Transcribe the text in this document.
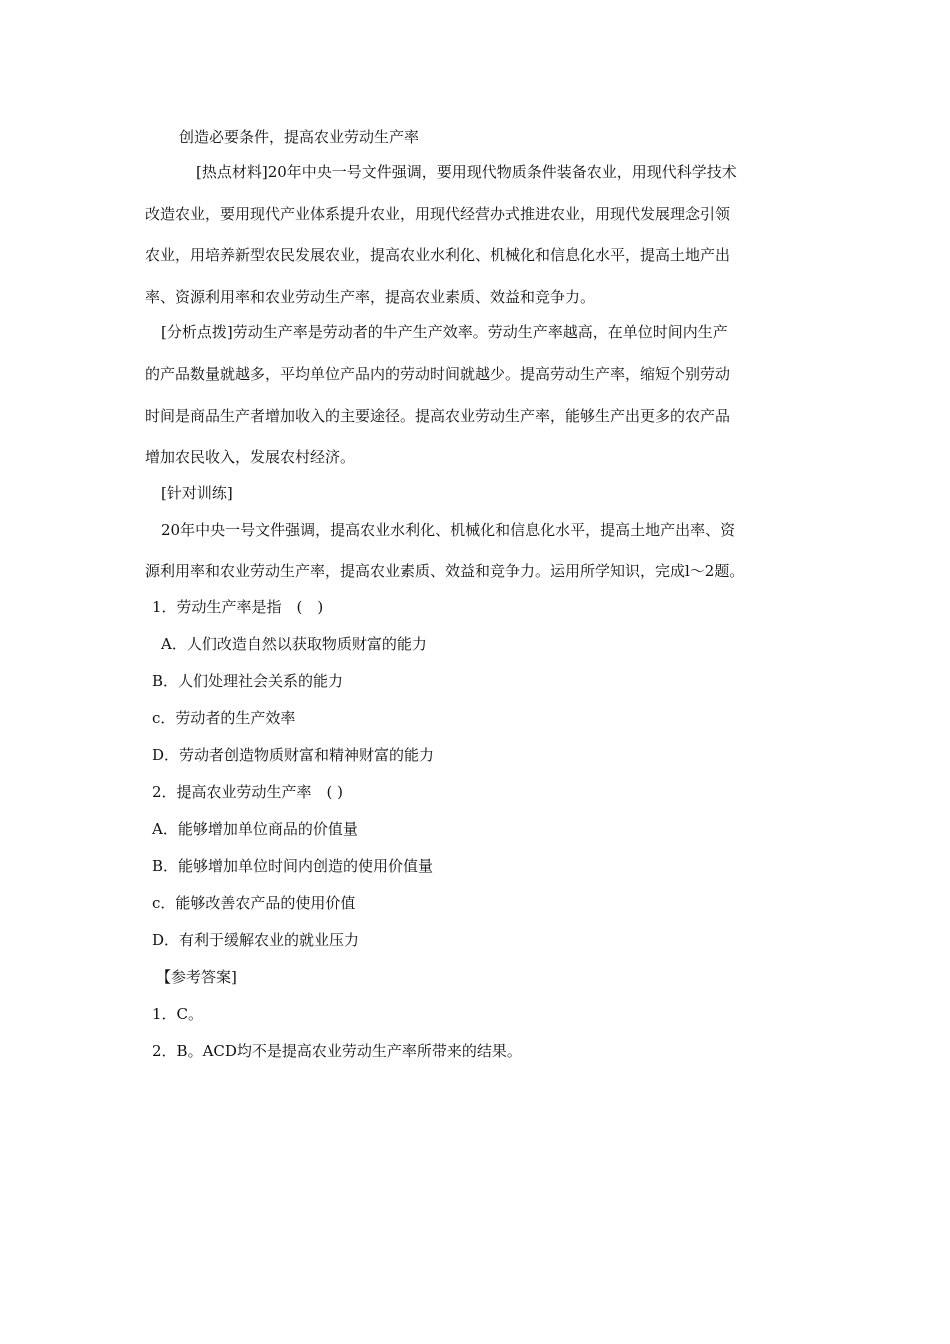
创造必要条件，提高农业劳动生产率
[热点材料]20年中央一号文件强调，要用现代物质条件装备农业，用现代科学技术
改造农业，要用现代产业体系提升农业，用现代经营办式推进农业，用现代发展理念引领
农业，用培养新型农民发展农业，提高农业水利化、机械化和信息化水平，提高土地产出
率、资源利用率和农业劳动生产率，提高农业素质、效益和竞争力。
[分析点拨]劳动生产率是劳动者的牛产生产效率。劳动生产率越高，在单位时间内生产
的产品数量就越多，平均单位产品内的劳动时间就越少。提高劳动生产率，缩短个别劳动
时间是商品生产者增加收入的主要途径。提高农业劳动生产率，能够生产出更多的农产品
增加农民收入，发展农村经济。
[针对训练]
20年中央一号文件强调，提高农业水利化、机械化和信息化水平，提高土地产出率、资
源利用率和农业劳动生产率，提高农业素质、效益和竞争力。运用所学知识，完成l～2题。
1．劳动生产率是指　(　)
A．人们改造自然以获取物质财富的能力
B．人们处理社会关系的能力
c．劳动者的生产效率
D．劳动者创造物质财富和精神财富的能力
2．提高农业劳动生产率　( )
A．能够增加单位商品的价值量
B．能够增加单位时间内创造的使用价值量
c．能够改善农产品的使用价值
D．有利于缓解农业的就业压力
【参考答案]
1．C。
2．B。ACD均不是提高农业劳动生产率所带来的结果。
